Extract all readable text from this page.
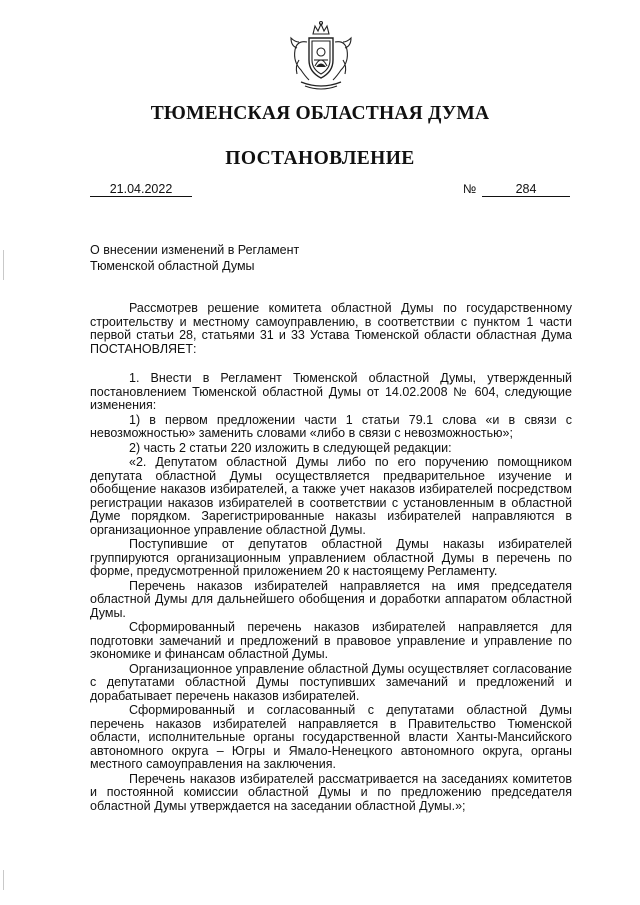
ТЮМЕНСКАЯ ОБЛАСТНАЯ ДУМА
ПОСТАНОВЛЕНИЕ
21.04.2022	№	284
О внесении изменений в Регламент
Тюменской областной Думы

Рассмотрев решение комитета областной Думы по государственному строительству и местному самоуправлению, в соответствии с пунктом 1 части первой статьи 28, статьями 31 и 33 Устава Тюменской области областная Дума ПОСТАНОВЛЯЕТ:

1. Внести в Регламент Тюменской областной Думы, утвержденный постановлением Тюменской областной Думы от 14.02.2008 № 604, следующие изменения:

1) в первом предложении части 1 статьи 79.1 слова «и в связи с невозможностью» заменить словами «либо в связи с невозможностью»;

2) часть 2 статьи 220 изложить в следующей редакции:

«2. Депутатом областной Думы либо по его поручению помощником депутата областной Думы осуществляется предварительное изучение и обобщение наказов избирателей, а также учет наказов избирателей посредством регистрации наказов избирателей в соответствии с установленным в областной Думе порядком. Зарегистрированные наказы избирателей направляются в организационное управление областной Думы.

Поступившие от депутатов областной Думы наказы избирателей группируются организационным управлением областной Думы в перечень по форме, предусмотренной приложением 20 к настоящему Регламенту.

Перечень наказов избирателей направляется на имя председателя областной Думы для дальнейшего обобщения и доработки аппаратом областной Думы.

Сформированный перечень наказов избирателей направляется для подготовки замечаний и предложений в правовое управление и управление по экономике и финансам областной Думы.

Организационное управление областной Думы осуществляет согласование с депутатами областной Думы поступивших замечаний и предложений и дорабатывает перечень наказов избирателей.

Сформированный и согласованный с депутатами областной Думы перечень наказов избирателей направляется в Правительство Тюменской области, исполнительные органы государственной власти Ханты-Мансийского автономного округа – Югры и Ямало-Ненецкого автономного округа, органы местного самоуправления на заключения.

Перечень наказов избирателей рассматривается на заседаниях комитетов и постоянной комиссии областной Думы и по предложению председателя областной Думы утверждается на заседании областной Думы.»;
